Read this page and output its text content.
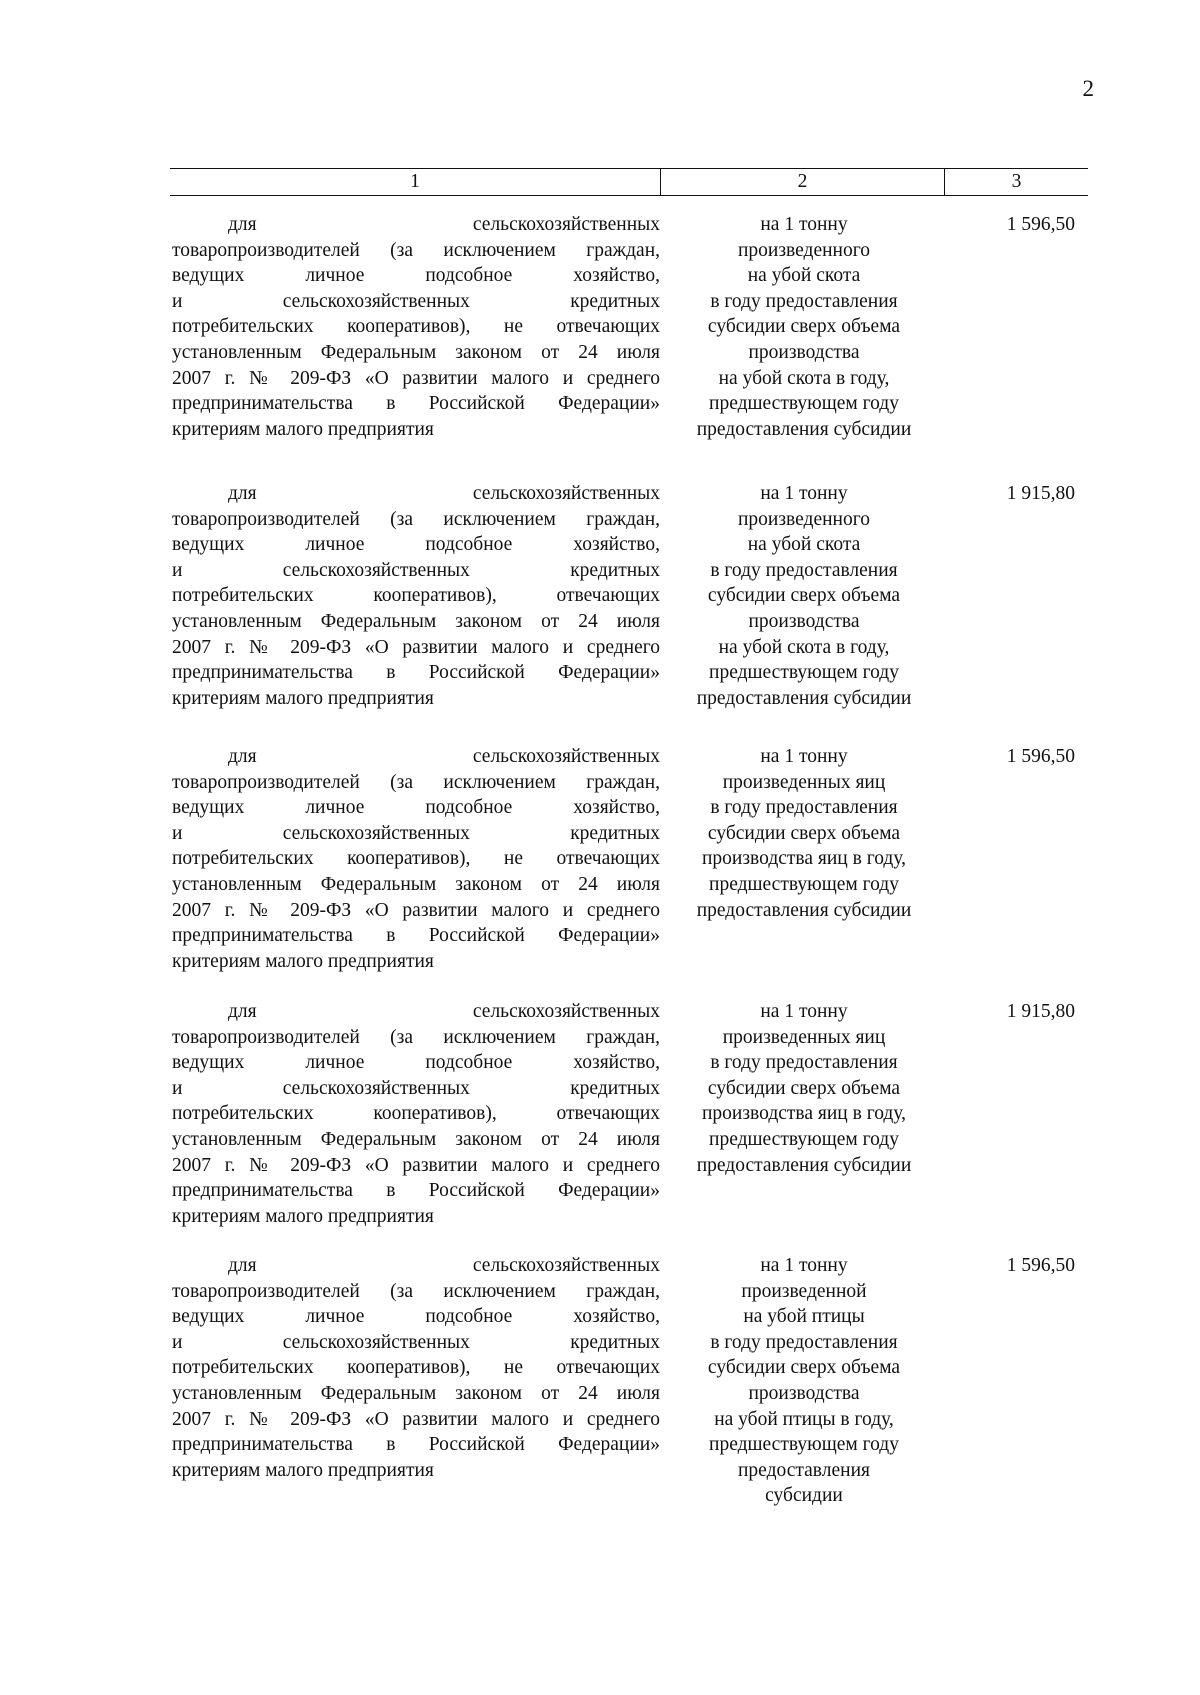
2
1	2	3
для сельскохозяйственных
товаропроизводителей (за исключением граждан,
ведущих личное подсобное хозяйство,
и сельскохозяйственных кредитных
потребительских кооперативов), не отвечающих
установленным Федеральным законом от 24 июля
2007 г. № 209-ФЗ «О развитии малого и среднего
предпринимательства в Российской Федерации»
критериям малого предприятия
на 1 тонну
произведенного
на убой скота
в году предоставления
субсидии сверх объема
производства
на убой скота в году,
предшествующем году
предоставления субсидии
1 596,50
для сельскохозяйственных
товаропроизводителей (за исключением граждан,
ведущих личное подсобное хозяйство,
и сельскохозяйственных кредитных
потребительских кооперативов), отвечающих
установленным Федеральным законом от 24 июля
2007 г. № 209-ФЗ «О развитии малого и среднего
предпринимательства в Российской Федерации»
критериям малого предприятия
на 1 тонну
произведенного
на убой скота
в году предоставления
субсидии сверх объема
производства
на убой скота в году,
предшествующем году
предоставления субсидии
1 915,80
для сельскохозяйственных
товаропроизводителей (за исключением граждан,
ведущих личное подсобное хозяйство,
и сельскохозяйственных кредитных
потребительских кооперативов), не отвечающих
установленным Федеральным законом от 24 июля
2007 г. № 209-ФЗ «О развитии малого и среднего
предпринимательства в Российской Федерации»
критериям малого предприятия
на 1 тонну
произведенных яиц
в году предоставления
субсидии сверх объема
производства яиц в году,
предшествующем году
предоставления субсидии
1 596,50
для сельскохозяйственных
товаропроизводителей (за исключением граждан,
ведущих личное подсобное хозяйство,
и сельскохозяйственных кредитных
потребительских кооперативов), отвечающих
установленным Федеральным законом от 24 июля
2007 г. № 209-ФЗ «О развитии малого и среднего
предпринимательства в Российской Федерации»
критериям малого предприятия
на 1 тонну
произведенных яиц
в году предоставления
субсидии сверх объема
производства яиц в году,
предшествующем году
предоставления субсидии
1 915,80
для сельскохозяйственных
товаропроизводителей (за исключением граждан,
ведущих личное подсобное хозяйство,
и сельскохозяйственных кредитных
потребительских кооперативов), не отвечающих
установленным Федеральным законом от 24 июля
2007 г. № 209-ФЗ «О развитии малого и среднего
предпринимательства в Российской Федерации»
критериям малого предприятия
на 1 тонну
произведенной
на убой птицы
в году предоставления
субсидии сверх объема
производства
на убой птицы в году,
предшествующем году
предоставления
субсидии
1 596,50
